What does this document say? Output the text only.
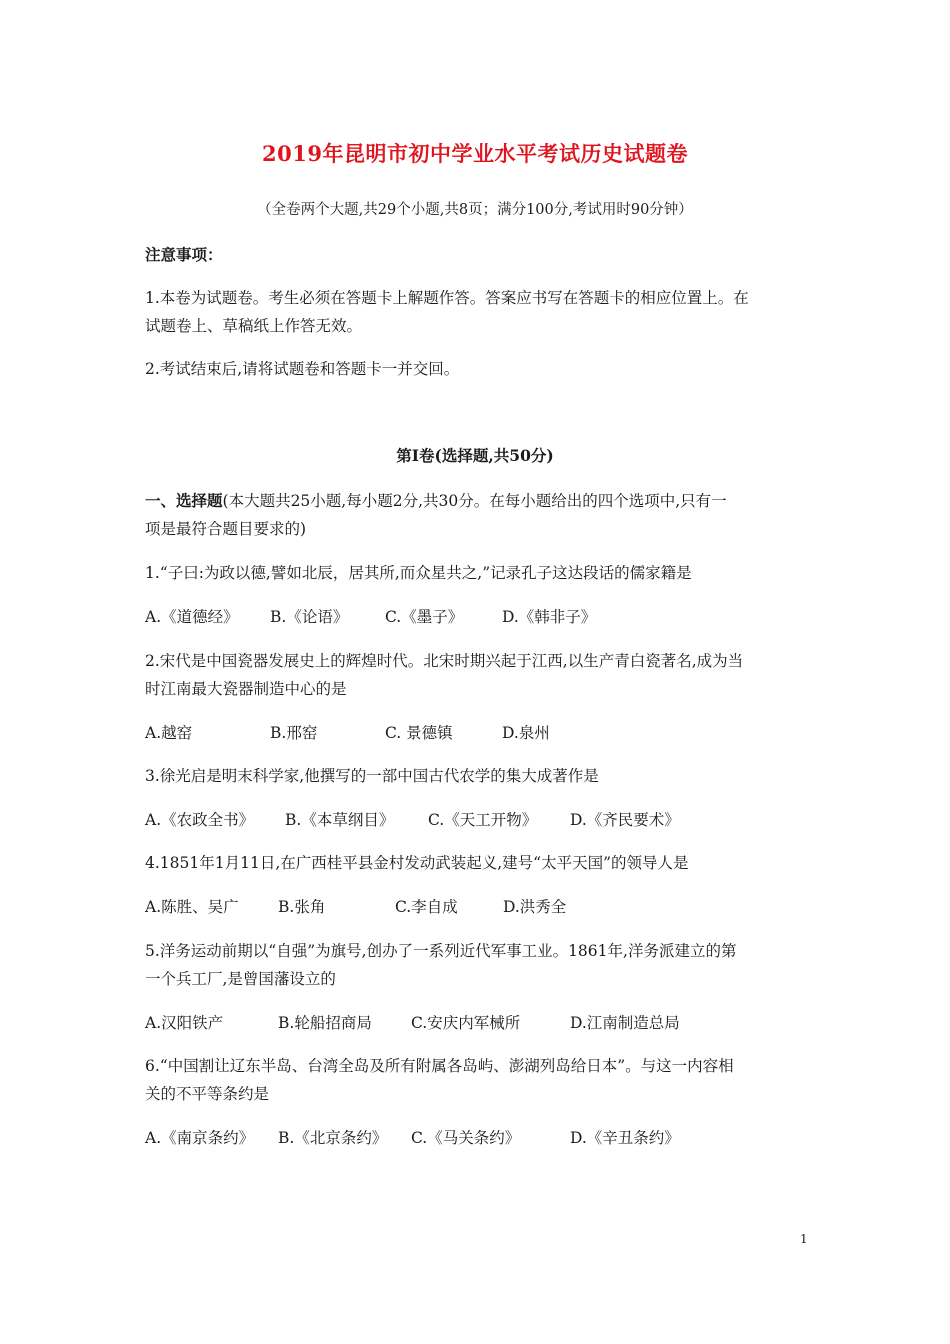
2019年昆明市初中学业水平考试历史试题卷
（全卷两个大题,共29个小题,共8页；满分100分,考试用时90分钟）
注意事项：
1.本卷为试题卷。考生必须在答题卡上解题作答。答案应书写在答题卡的相应位置上。在
试题卷上、草稿纸上作答无效。
2.考试结束后,请将试题卷和答题卡一并交回。
第Ⅰ卷(选择题,共50分)
一、选择题(本大题共25小题,每小题2分,共30分。在每小题给出的四个选项中,只有一
项是最符合题目要求的)
1.“子曰:为政以德,譬如北辰，居其所,而众星共之,”记录孔子这达段话的儒家籍是
A.《道德经》 B.《论语》 C.《墨子》	D.《韩非子》
2.宋代是中国瓷器发展史上的辉煌时代。北宋时期兴起于江西,以生产青白瓷著名,成为当
时江南最大瓷器制造中心的是
A.越窑	B.邢窑	C. 景德镇	D.泉州
3.徐光启是明末科学家,他撰写的一部中国古代农学的集大成著作是
A.《农政全书》 B.《本草纲目》 C.《天工开物》 D.《齐民要术》
4.1851年1月11日,在广西桂平县金村发动武装起义,建号“太平天国”的领导人是
A.陈胜、吴广	B.张角	C.李自成	D.洪秀全
5.洋务运动前期以“自强”为旗号,创办了一系列近代军事工业。1861年,洋务派建立的第
一个兵工厂,是曾国藩设立的
A.汉阳铁产	B.轮船招商局	C.安庆内军械所	D.江南制造总局
6.“中国割让辽东半岛、台湾全岛及所有附属各岛屿、澎湖列岛给日本”。与这一内容相
关的不平等条约是
A.《南京条约》 B.《北京条约》 C.《马关条约》	D.《辛丑条约》
1
